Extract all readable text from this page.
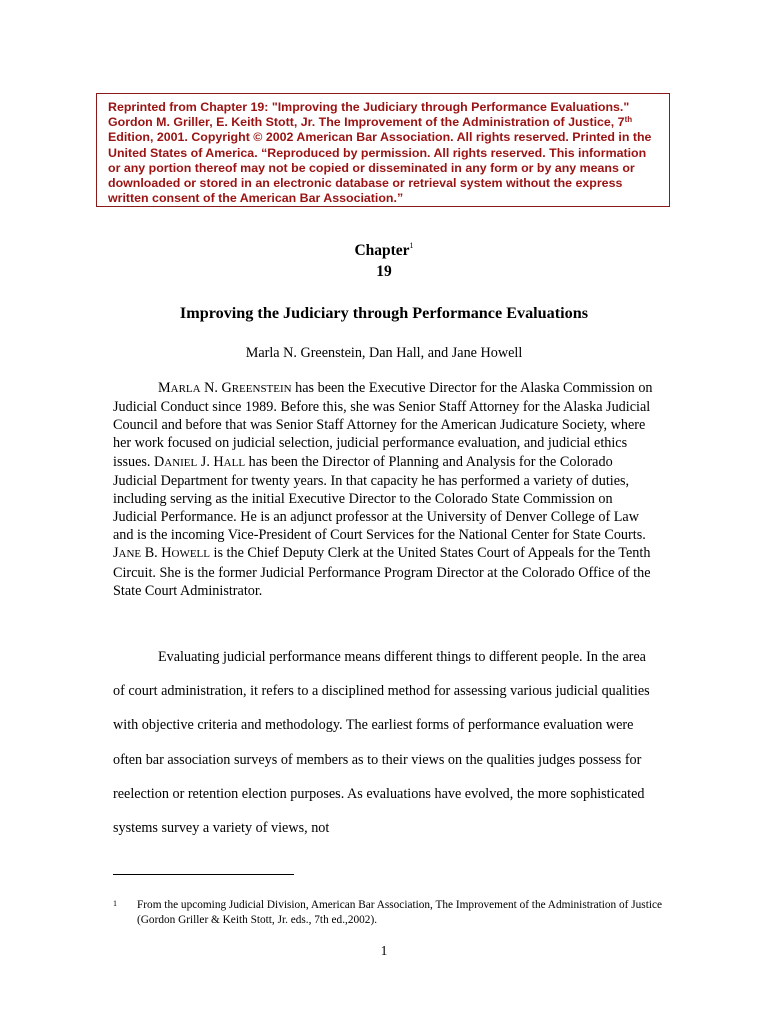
Reprinted from Chapter 19: "Improving the Judiciary through Performance Evaluations." Gordon M. Griller, E. Keith Stott, Jr. The Improvement of the Administration of Justice, 7th Edition, 2001. Copyright © 2002 American Bar Association. All rights reserved. Printed in the United States of America. “Reproduced by permission. All rights reserved. This information or any portion thereof may not be copied or disseminated in any form or by any means or downloaded or stored in an electronic database or retrieval system without the express written consent of the American Bar Association.”
Chapter$^1$
19
Improving the Judiciary through Performance Evaluations
Marla N. Greenstein, Dan Hall, and Jane Howell

MARLA N. GREENSTEIN has been the Executive Director for the Alaska Commission on Judicial Conduct since 1989. Before this, she was Senior Staff Attorney for the Alaska Judicial Council and before that was Senior Staff Attorney for the American Judicature Society, where her work focused on judicial selection, judicial performance evaluation, and judicial ethics issues. DANIEL J. HALL has been the Director of Planning and Analysis for the Colorado Judicial Department for twenty years. In that capacity he has performed a variety of duties, including serving as the initial Executive Director to the Colorado State Commission on Judicial Performance. He is an adjunct professor at the University of Denver College of Law and is the incoming Vice-President of Court Services for the National Center for State Courts. JANE B. HOWELL is the Chief Deputy Clerk at the United States Court of Appeals for the Tenth Circuit. She is the former Judicial Performance Program Director at the Colorado Office of the State Court Administrator.

Evaluating judicial performance means different things to different people. In the area of court administration, it refers to a disciplined method for assessing various judicial qualities with objective criteria and methodology. The earliest forms of performance evaluation were often bar association surveys of members as to their views on the qualities judges possess for reelection or retention election purposes. As evaluations have evolved, the more sophisticated systems survey a variety of views, not

1 From the upcoming Judicial Division, American Bar Association, The Improvement of the Administration of Justice (Gordon Griller & Keith Stott, Jr. eds., 7th ed.,2002).
1
